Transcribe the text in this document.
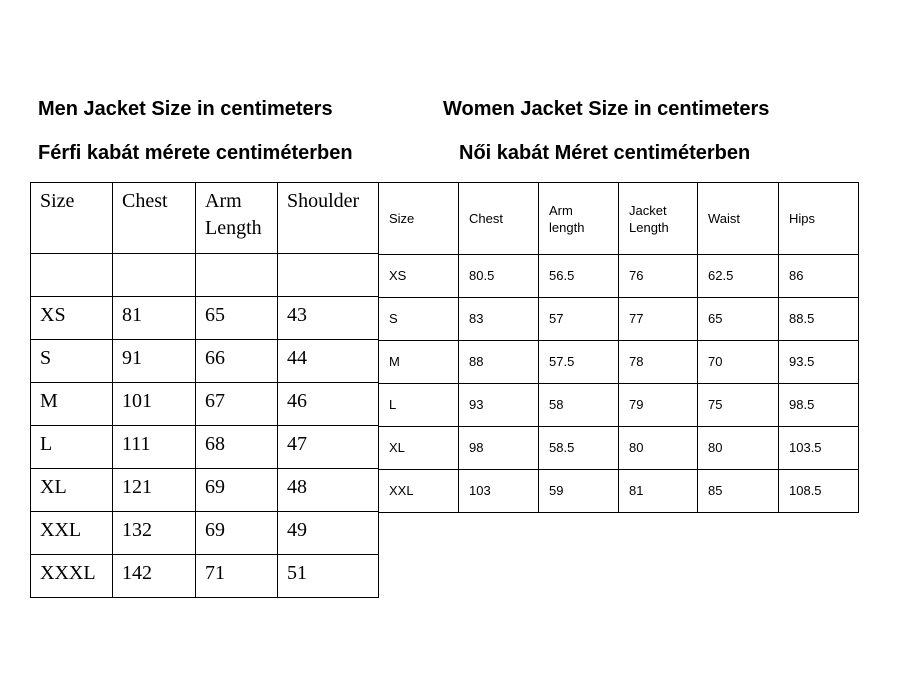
Men Jacket Size in centimeters	Women Jacket Size in centimeters
Férfi kabát mérete centiméterben	Női kabát Méret centiméterben
Size	Chest	Arm Length	Shoulder

XS	81	65	43
S	91	66	44
M	101	67	46
L	111	68	47
XL	121	69	48
XXL	132	69	49
XXXL	142	71	51
Size	Chest	Arm length	Jacket Length	Waist	Hips
XS	80.5	56.5	76	62.5	86
S	83	57	77	65	88.5
M	88	57.5	78	70	93.5
L	93	58	79	75	98.5
XL	98	58.5	80	80	103.5
XXL	103	59	81	85	108.5
